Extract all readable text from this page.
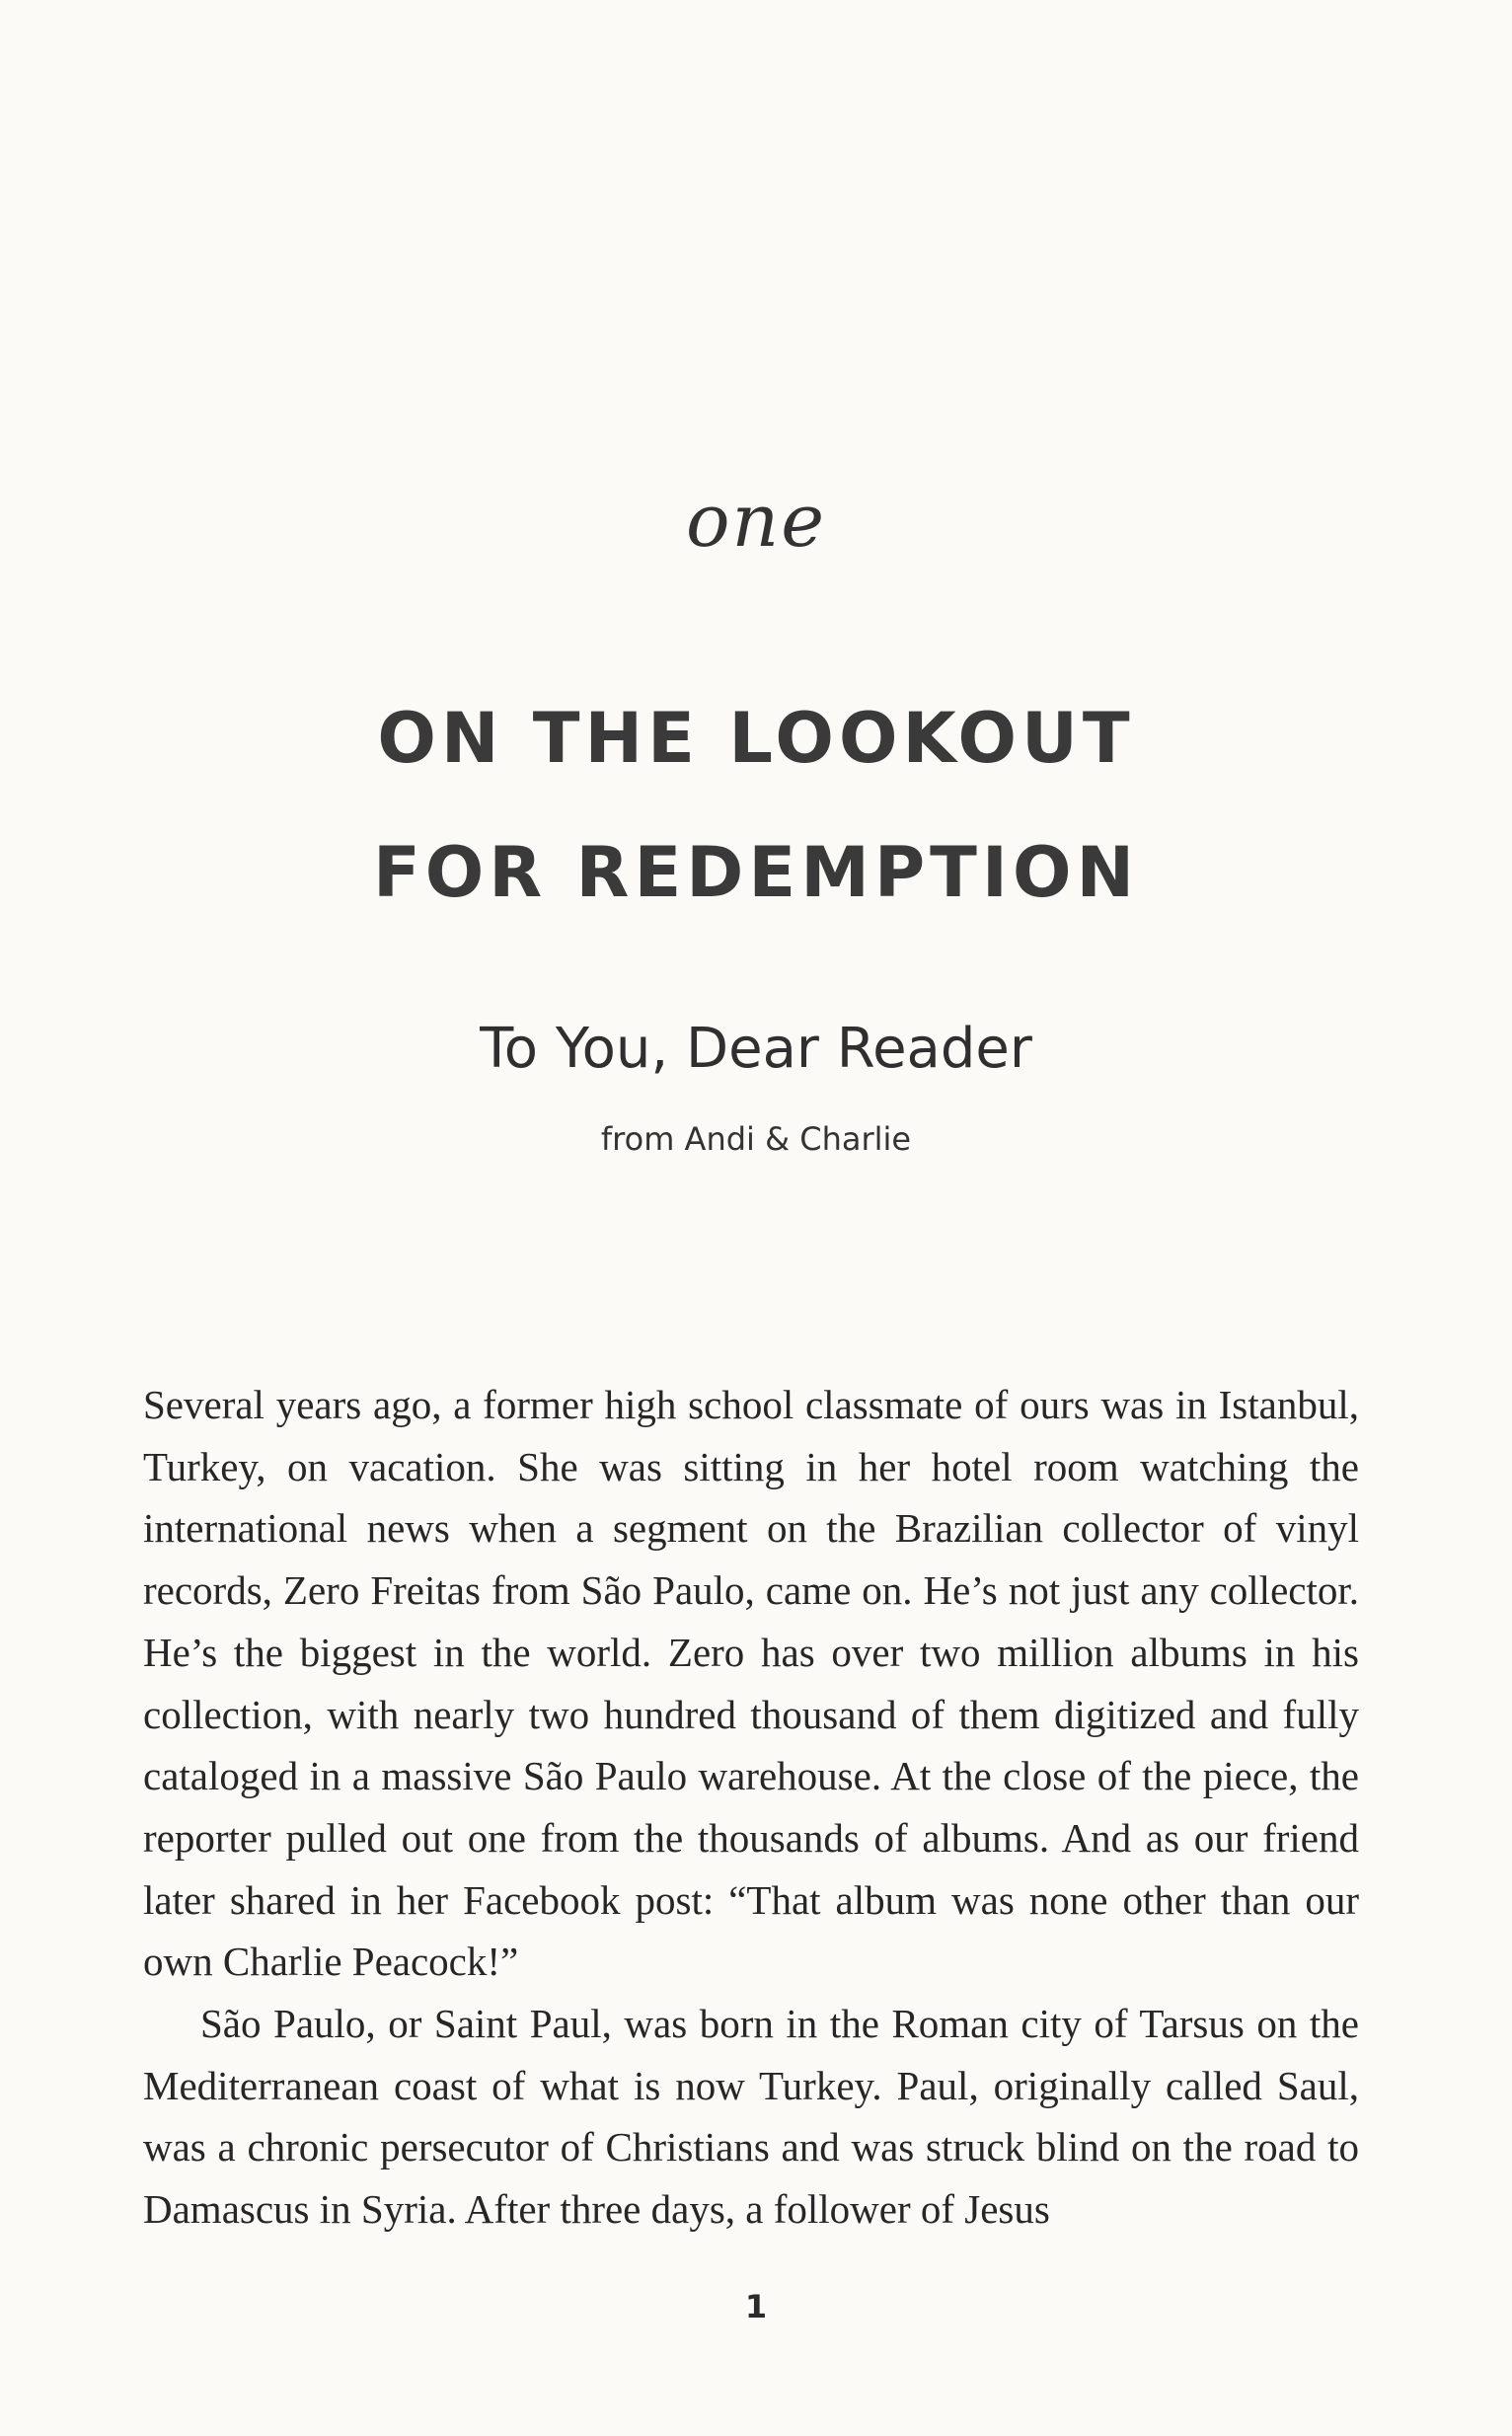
one
ON THE LOOKOUT
FOR REDEMPTION
To You, Dear Reader
from Andi & Charlie

Several years ago, a former high school classmate of ours was in Istanbul, Turkey, on vacation. She was sitting in her hotel room watching the international news when a segment on the Brazilian collector of vinyl records, Zero Freitas from São Paulo, came on. He’s not just any collector. He’s the biggest in the world. Zero has over two million albums in his collection, with nearly two hundred thousand of them digitized and fully cataloged in a massive São Paulo warehouse. At the close of the piece, the reporter pulled out one from the thousands of albums. And as our friend later shared in her Facebook post: “That album was none other than our own Charlie Peacock!”

São Paulo, or Saint Paul, was born in the Roman city of Tarsus on the Mediterranean coast of what is now Turkey. Paul, originally called Saul, was a chronic persecutor of Christians and was struck blind on the road to Damascus in Syria. After three days, a follower of Jesus

1
